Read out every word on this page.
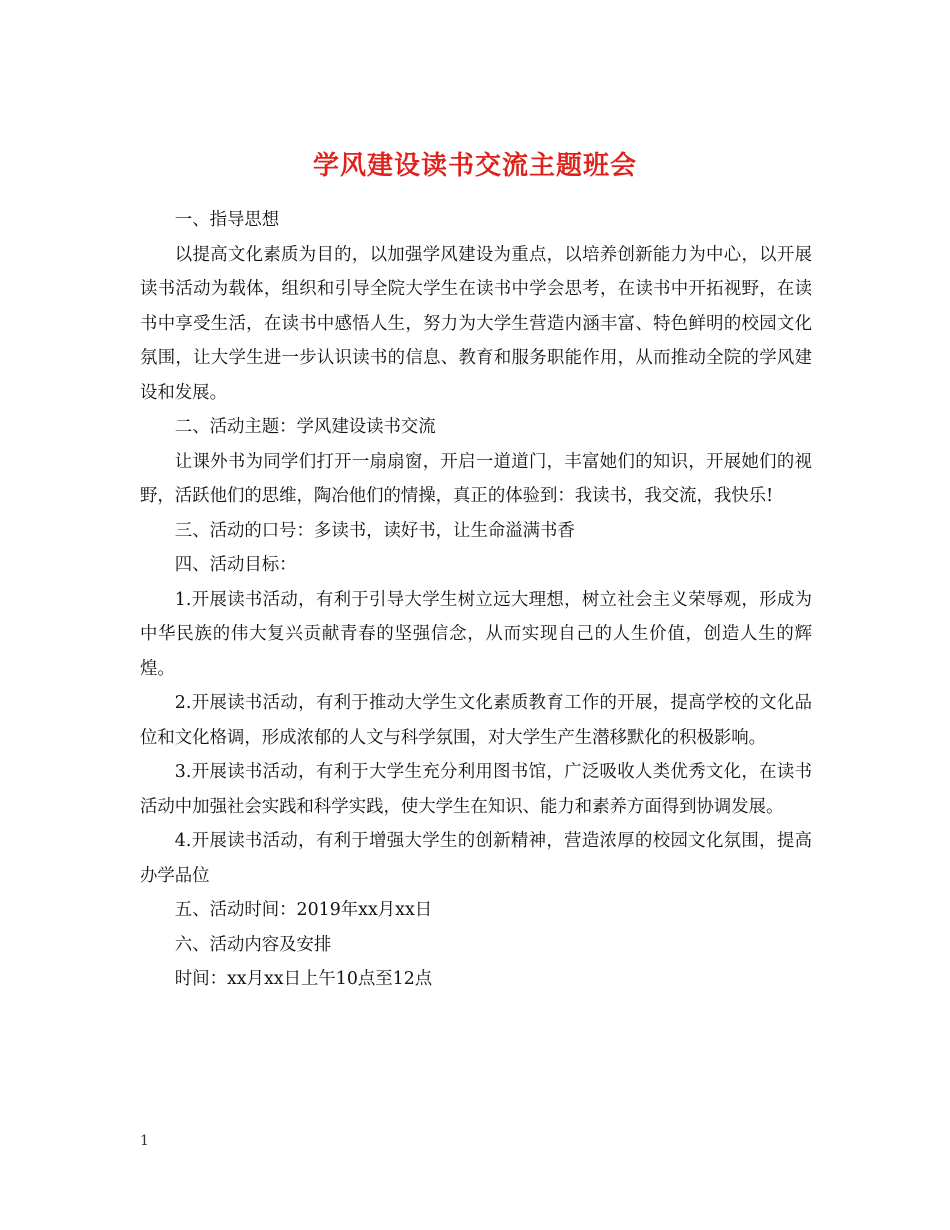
学风建设读书交流主题班会

一、指导思想

以提高文化素质为目的，以加强学风建设为重点，以培养创新能力为中心，以开展读书活动为载体，组织和引导全院大学生在读书中学会思考，在读书中开拓视野，在读书中享受生活，在读书中感悟人生，努力为大学生营造内涵丰富、特色鲜明的校园文化氛围，让大学生进一步认识读书的信息、教育和服务职能作用，从而推动全院的学风建设和发展。

二、活动主题：学风建设读书交流

让课外书为同学们打开一扇扇窗，开启一道道门，丰富她们的知识，开展她们的视野，活跃他们的思维，陶冶他们的情操，真正的体验到：我读书，我交流，我快乐!

三、活动的口号：多读书，读好书，让生命溢满书香

四、活动目标：

1.开展读书活动，有利于引导大学生树立远大理想，树立社会主义荣辱观，形成为中华民族的伟大复兴贡献青春的坚强信念，从而实现自己的人生价值，创造人生的辉煌。

2.开展读书活动，有利于推动大学生文化素质教育工作的开展，提高学校的文化品位和文化格调，形成浓郁的人文与科学氛围，对大学生产生潜移默化的积极影响。

3.开展读书活动，有利于大学生充分利用图书馆，广泛吸收人类优秀文化，在读书活动中加强社会实践和科学实践，使大学生在知识、能力和素养方面得到协调发展。

4.开展读书活动，有利于增强大学生的创新精神，营造浓厚的校园文化氛围，提高办学品位

五、活动时间：2019年xx月xx日

六、活动内容及安排

时间：xx月xx日上午10点至12点

1
